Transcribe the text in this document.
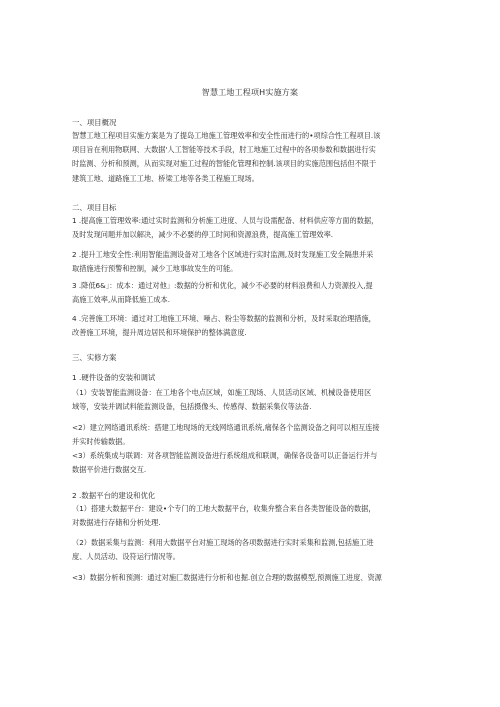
智慧工地工程项H实施方案

一、项目概况

智慧工地工程项目实施方案是为了提岛工地施工管理效率和安全性而进行的•项综合性工程项目.该

项目旨在利用物联网、大数据'人工智能等技术手段，肘工地施工过程中的各项参数和数据进行实

时监测、分析和预测，从而实现对施工过程的智能化管理和控制.该项目的实施范围包括但不限于

建筑工地、道路施工工地、桥梁工地等各类工程施工现场。

二、项目目标

1 .提高施工管理效率:通过实时监测和分析施工进度、人员与设需配备、材料供应等方面的数据，

及时发现问题并加以解决，减少不必要的停工时间和资源浪费，提高施工管理效率.

2 .提升工地安全性:利用智能监测设备对工地各个区域进行实时监测,及时发现施工安全隔患并采

取措施进行预警和控制，减少工地事故发生的可能。

3 .降低6&」：成本：通过对他」:数据的分析和优化，减少不必要的材料浪费和人力资源投入,提

高施工效率,从而降低施工成本.

4 .完善施工环境：通过对工地施工环境、噪占、粉尘等数据的监测和分析，及时采取治理措施，

改善施工环境，提升周边居民和环境保护的整体满意度.

三、实修方案

1 .硬件设备的安装和调试

（1）安装智能监测设备：在工地各个电点区域，如施工现场、人员活动区域、机械设备使用区

域等，安装并调试料能监测设备，包括摄像头、传感得、数据采集仪等法备.

<2）建立网络通讯系统：搭建工地现场的无线网络通讯系统,痛保各个监测设备之间可以相互连接

并实时传输数据。

<3）系统集成与联调：对各项智能监测设备进行系统组成和联调，确保各设备可以正备运行并与

数据平价进行数据交互.

2 .数据平台的建设和优化

（1）搭建大数据平台：建设•个专门的工地大数据平台，收集弁整合来自各类智能设备的数据，

对数据进行存储和分析处理.

（2）数据采集与监测：利用大数据平台对施工现场的各项数据进行实时采集和监测,包括施工进

度、人员活动、设符运行情况等。

<3）数据分析和预测：通过对施匚数据进行分析和也掘.创立合理的数据模型,预测施工进度、资源
